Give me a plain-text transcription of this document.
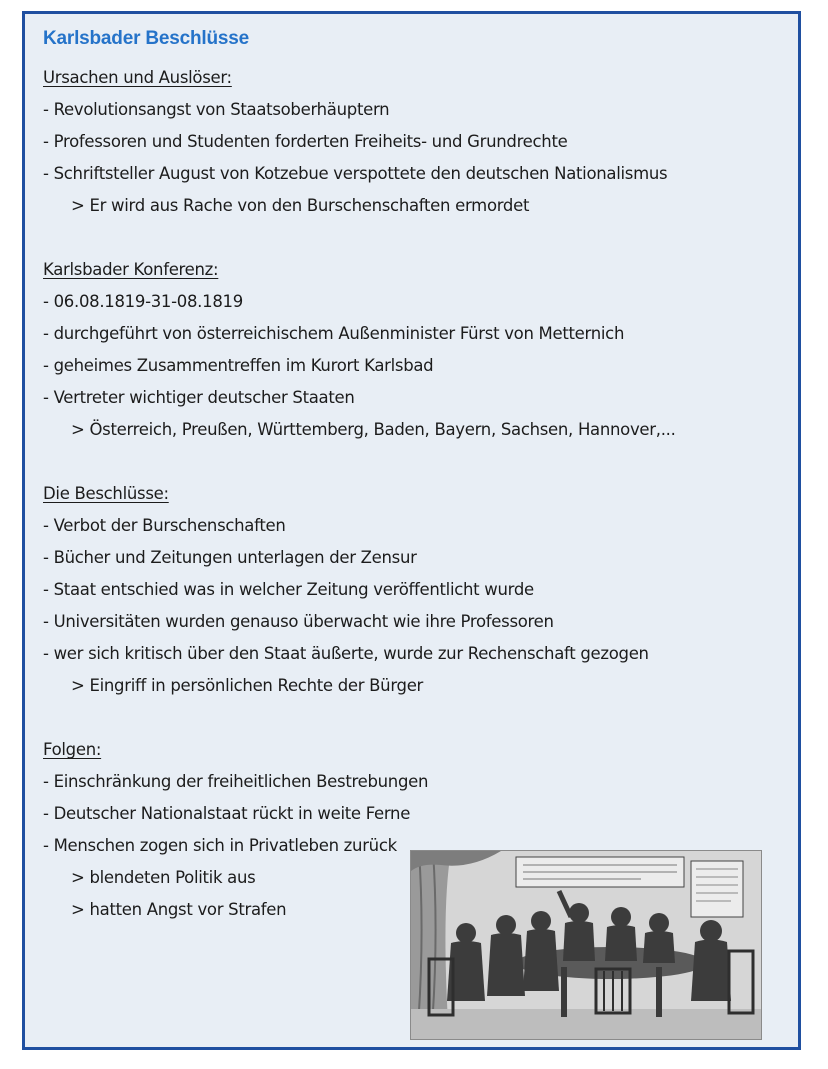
Karlsbader Beschlüsse
Ursachen und Auslöser:
- Revolutionsangst von Staatsoberhäuptern
- Professoren und Studenten forderten Freiheits- und Grundrechte
- Schriftsteller August von Kotzebue verspottete den deutschen Nationalismus
> Er wird aus Rache von den Burschenschaften ermordet
Karlsbader Konferenz:
- 06.08.1819-31-08.1819
- durchgeführt von österreichischem Außenminister Fürst von Metternich
- geheimes Zusammentreffen im Kurort Karlsbad
- Vertreter wichtiger deutscher Staaten
> Österreich, Preußen, Württemberg, Baden, Bayern, Sachsen, Hannover,...
Die Beschlüsse:
- Verbot der Burschenschaften
- Bücher und Zeitungen unterlagen der Zensur
- Staat entschied was in welcher Zeitung veröffentlicht wurde
- Universitäten wurden genauso überwacht wie ihre Professoren
- wer sich kritisch über den Staat äußerte, wurde zur Rechenschaft gezogen
> Eingriff in persönlichen Rechte der Bürger
Folgen:
- Einschränkung der freiheitlichen Bestrebungen
- Deutscher Nationalstaat rückt in weite Ferne
- Menschen zogen sich in Privatleben zurück
> blendeten Politik aus
> hatten Angst vor Strafen
